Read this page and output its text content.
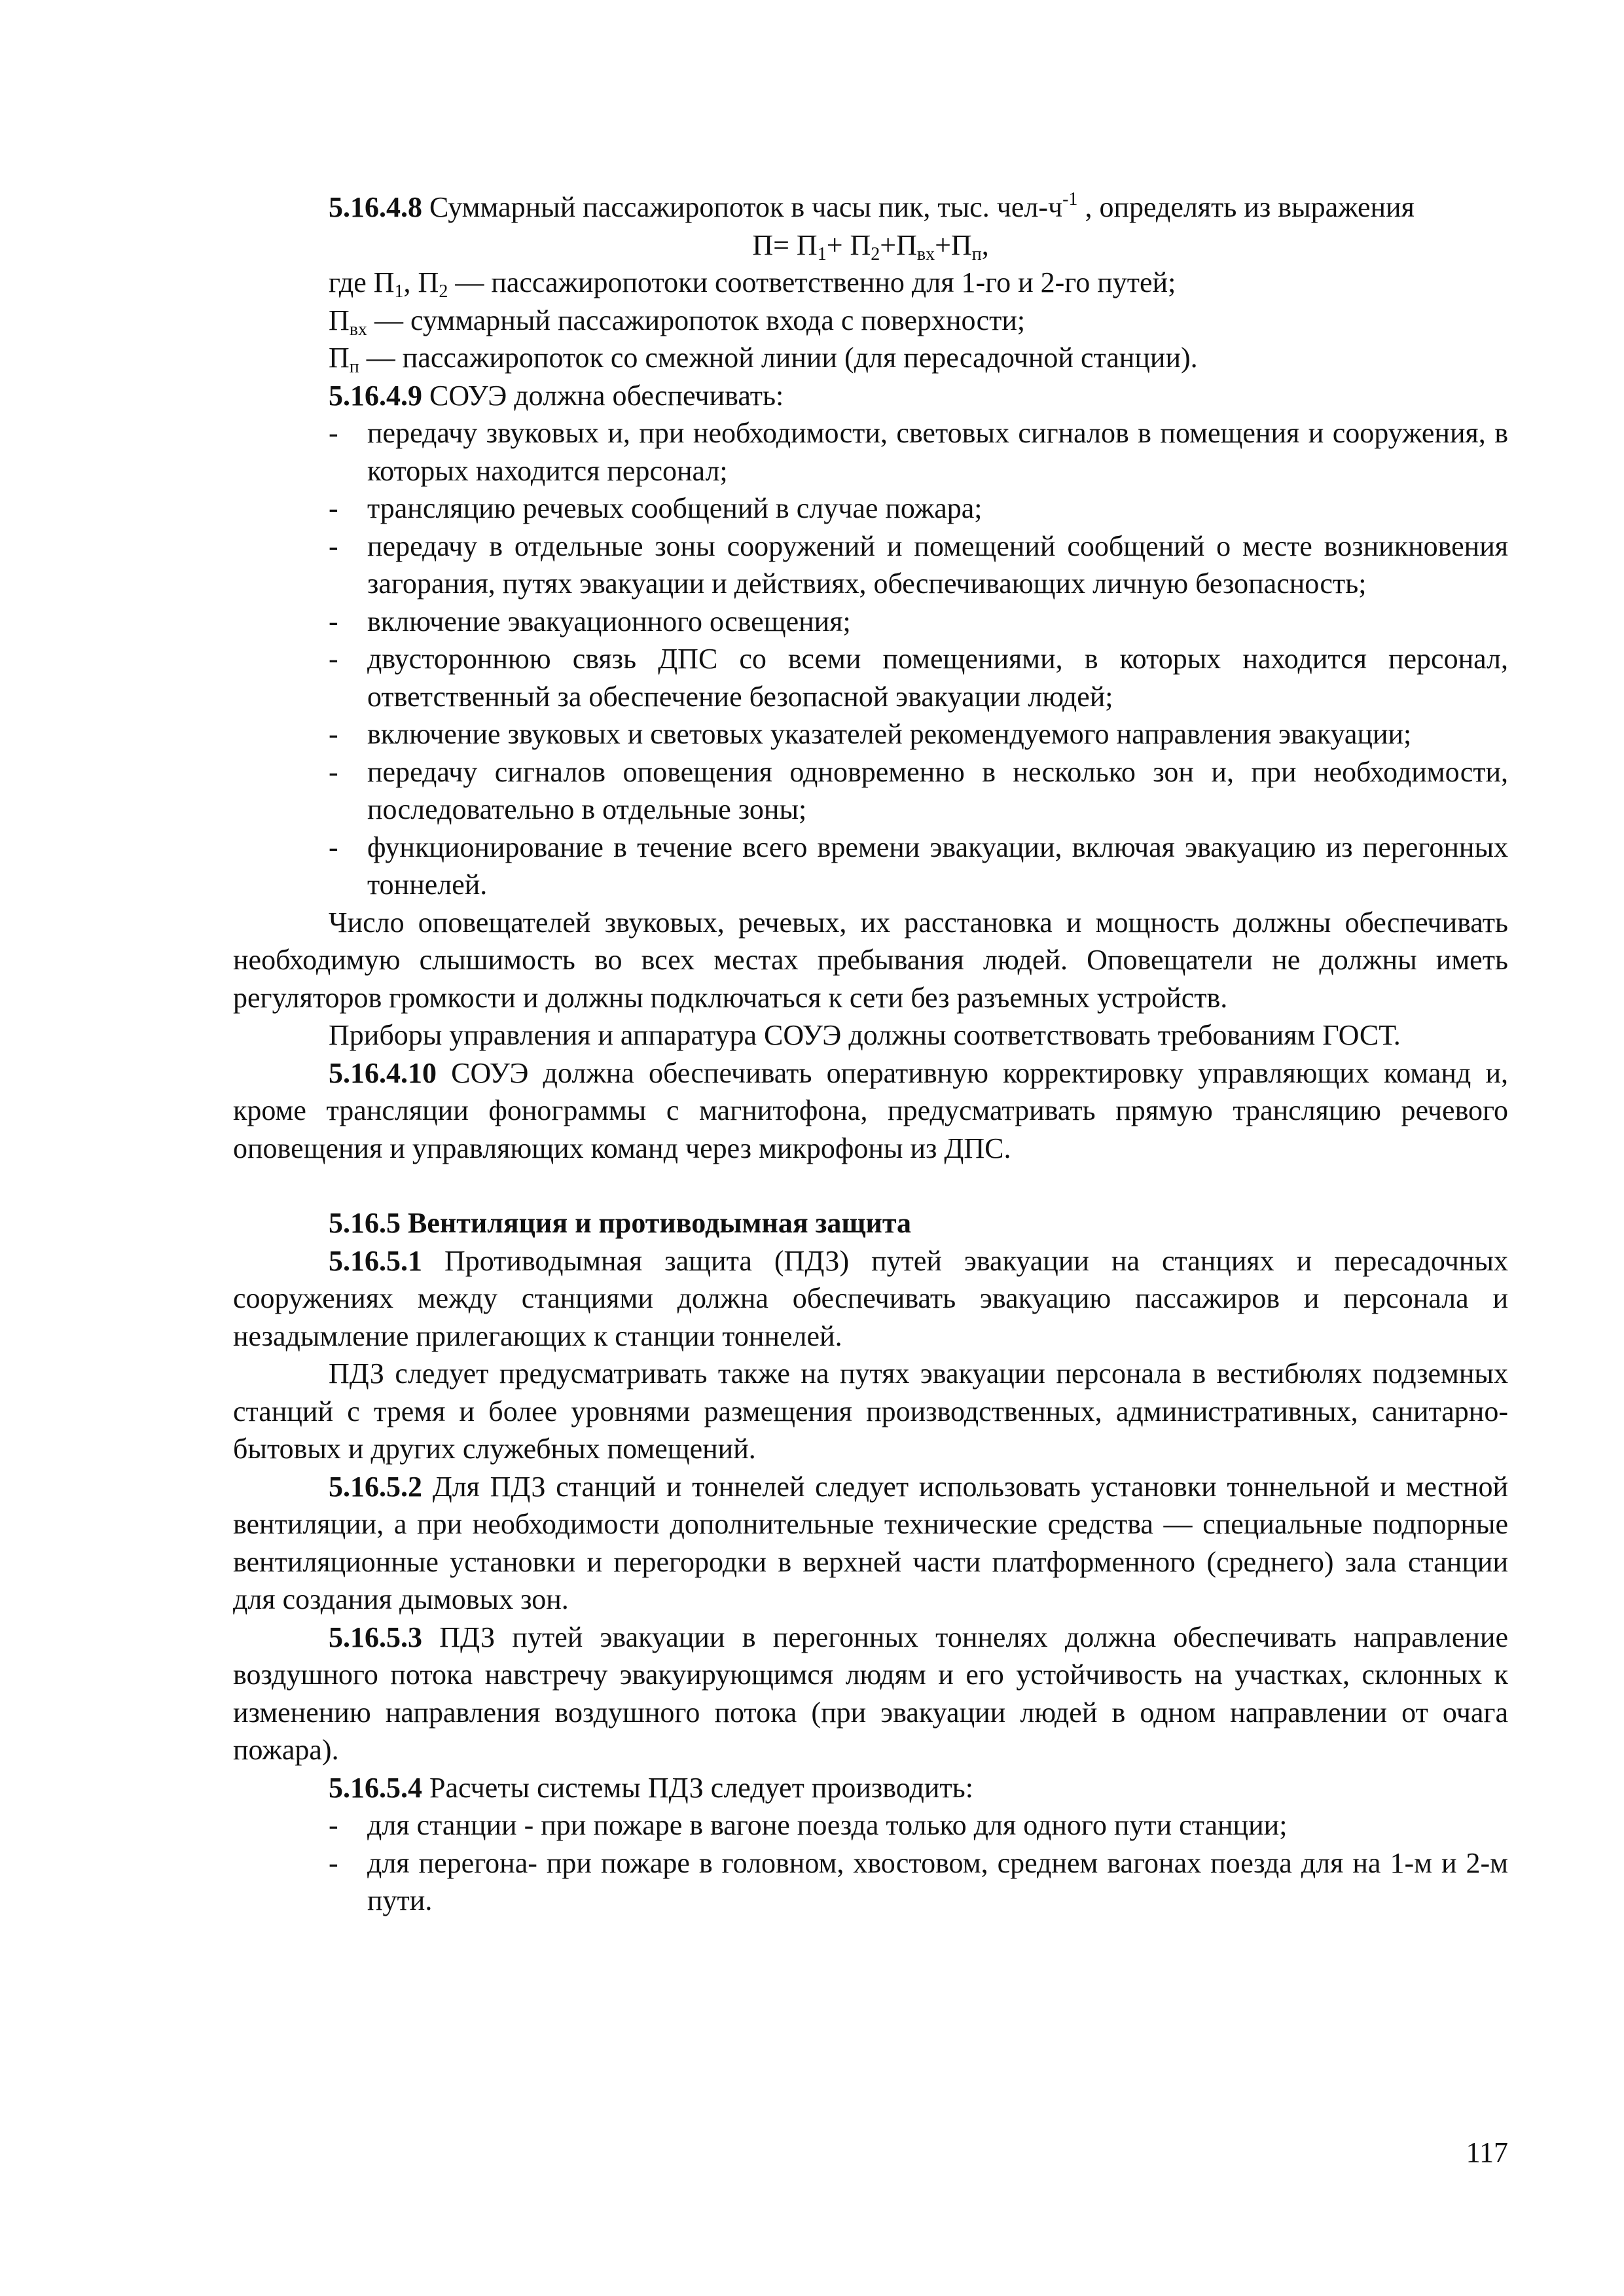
5.16.4.8 Суммарный пассажиропоток в часы пик, тыс. чел-$ч^{-1}$ , определять из выражения

$П= П_1+ П_2+П_{вх}+П_п$,

где $П_1$, $П_2$ — пассажиропотоки соответственно для 1-го и 2-го путей;

$П_{вх}$ — суммарный пассажиропоток входа с поверхности;

$П_п$ — пассажиропоток со смежной линии (для пересадочной станции).

5.16.4.9 СОУЭ должна обеспечивать:

- передачу звуковых и, при необходимости, световых сигналов в помещения и сооружения, в которых находится персонал;
- трансляцию речевых сообщений в случае пожара;
- передачу в отдельные зоны сооружений и помещений сообщений о месте возникновения загорания, путях эвакуации и действиях, обеспечивающих личную безопасность;
- включение эвакуационного освещения;
- двустороннюю связь ДПС со всеми помещениями, в которых находится персонал, ответственный за обеспечение безопасной эвакуации людей;
- включение звуковых и световых указателей рекомендуемого направления эвакуации;
- передачу сигналов оповещения одновременно в несколько зон и, при необходимости, последовательно в отдельные зоны;
- функционирование в течение всего времени эвакуации, включая эвакуацию из перегонных тоннелей.

Число оповещателей звуковых, речевых, их расстановка и мощность должны обеспечивать необходимую слышимость во всех местах пребывания людей. Оповещатели не должны иметь регуляторов громкости и должны подключаться к сети без разъемных устройств.

Приборы управления и аппаратура СОУЭ должны соответствовать требованиям ГОСТ.

5.16.4.10 СОУЭ должна обеспечивать оперативную корректировку управляющих команд и, кроме трансляции фонограммы с магнитофона, предусматривать прямую трансляцию речевого оповещения и управляющих команд через микрофоны из ДПС.

5.16.5 Вентиляция и противодымная защита

5.16.5.1 Противодымная защита (ПДЗ) путей эвакуации на станциях и пересадочных сооружениях между станциями должна обеспечивать эвакуацию пассажиров и персонала и незадымление прилегающих к станции тоннелей.

ПДЗ следует предусматривать также на путях эвакуации персонала в вестибюлях подземных станций с тремя и более уровнями размещения производственных, административных, санитарно-бытовых и других служебных помещений.

5.16.5.2 Для ПДЗ станций и тоннелей следует использовать установки тоннельной и местной вентиляции, а при необходимости дополнительные технические средства — специальные подпорные вентиляционные установки и перегородки в верхней части платформенного (среднего) зала станции для создания дымовых зон.

5.16.5.3 ПДЗ путей эвакуации в перегонных тоннелях должна обеспечивать направление воздушного потока навстречу эвакуирующимся людям и его устойчивость на участках, склонных к изменению направления воздушного потока (при эвакуации людей в одном направлении от очага пожара).

5.16.5.4 Расчеты системы ПДЗ следует производить:

- для станции - при пожаре в вагоне поезда только для одного пути станции;
- для перегона- при пожаре в головном, хвостовом, среднем вагонах поезда для на 1-м и 2-м пути.
117
